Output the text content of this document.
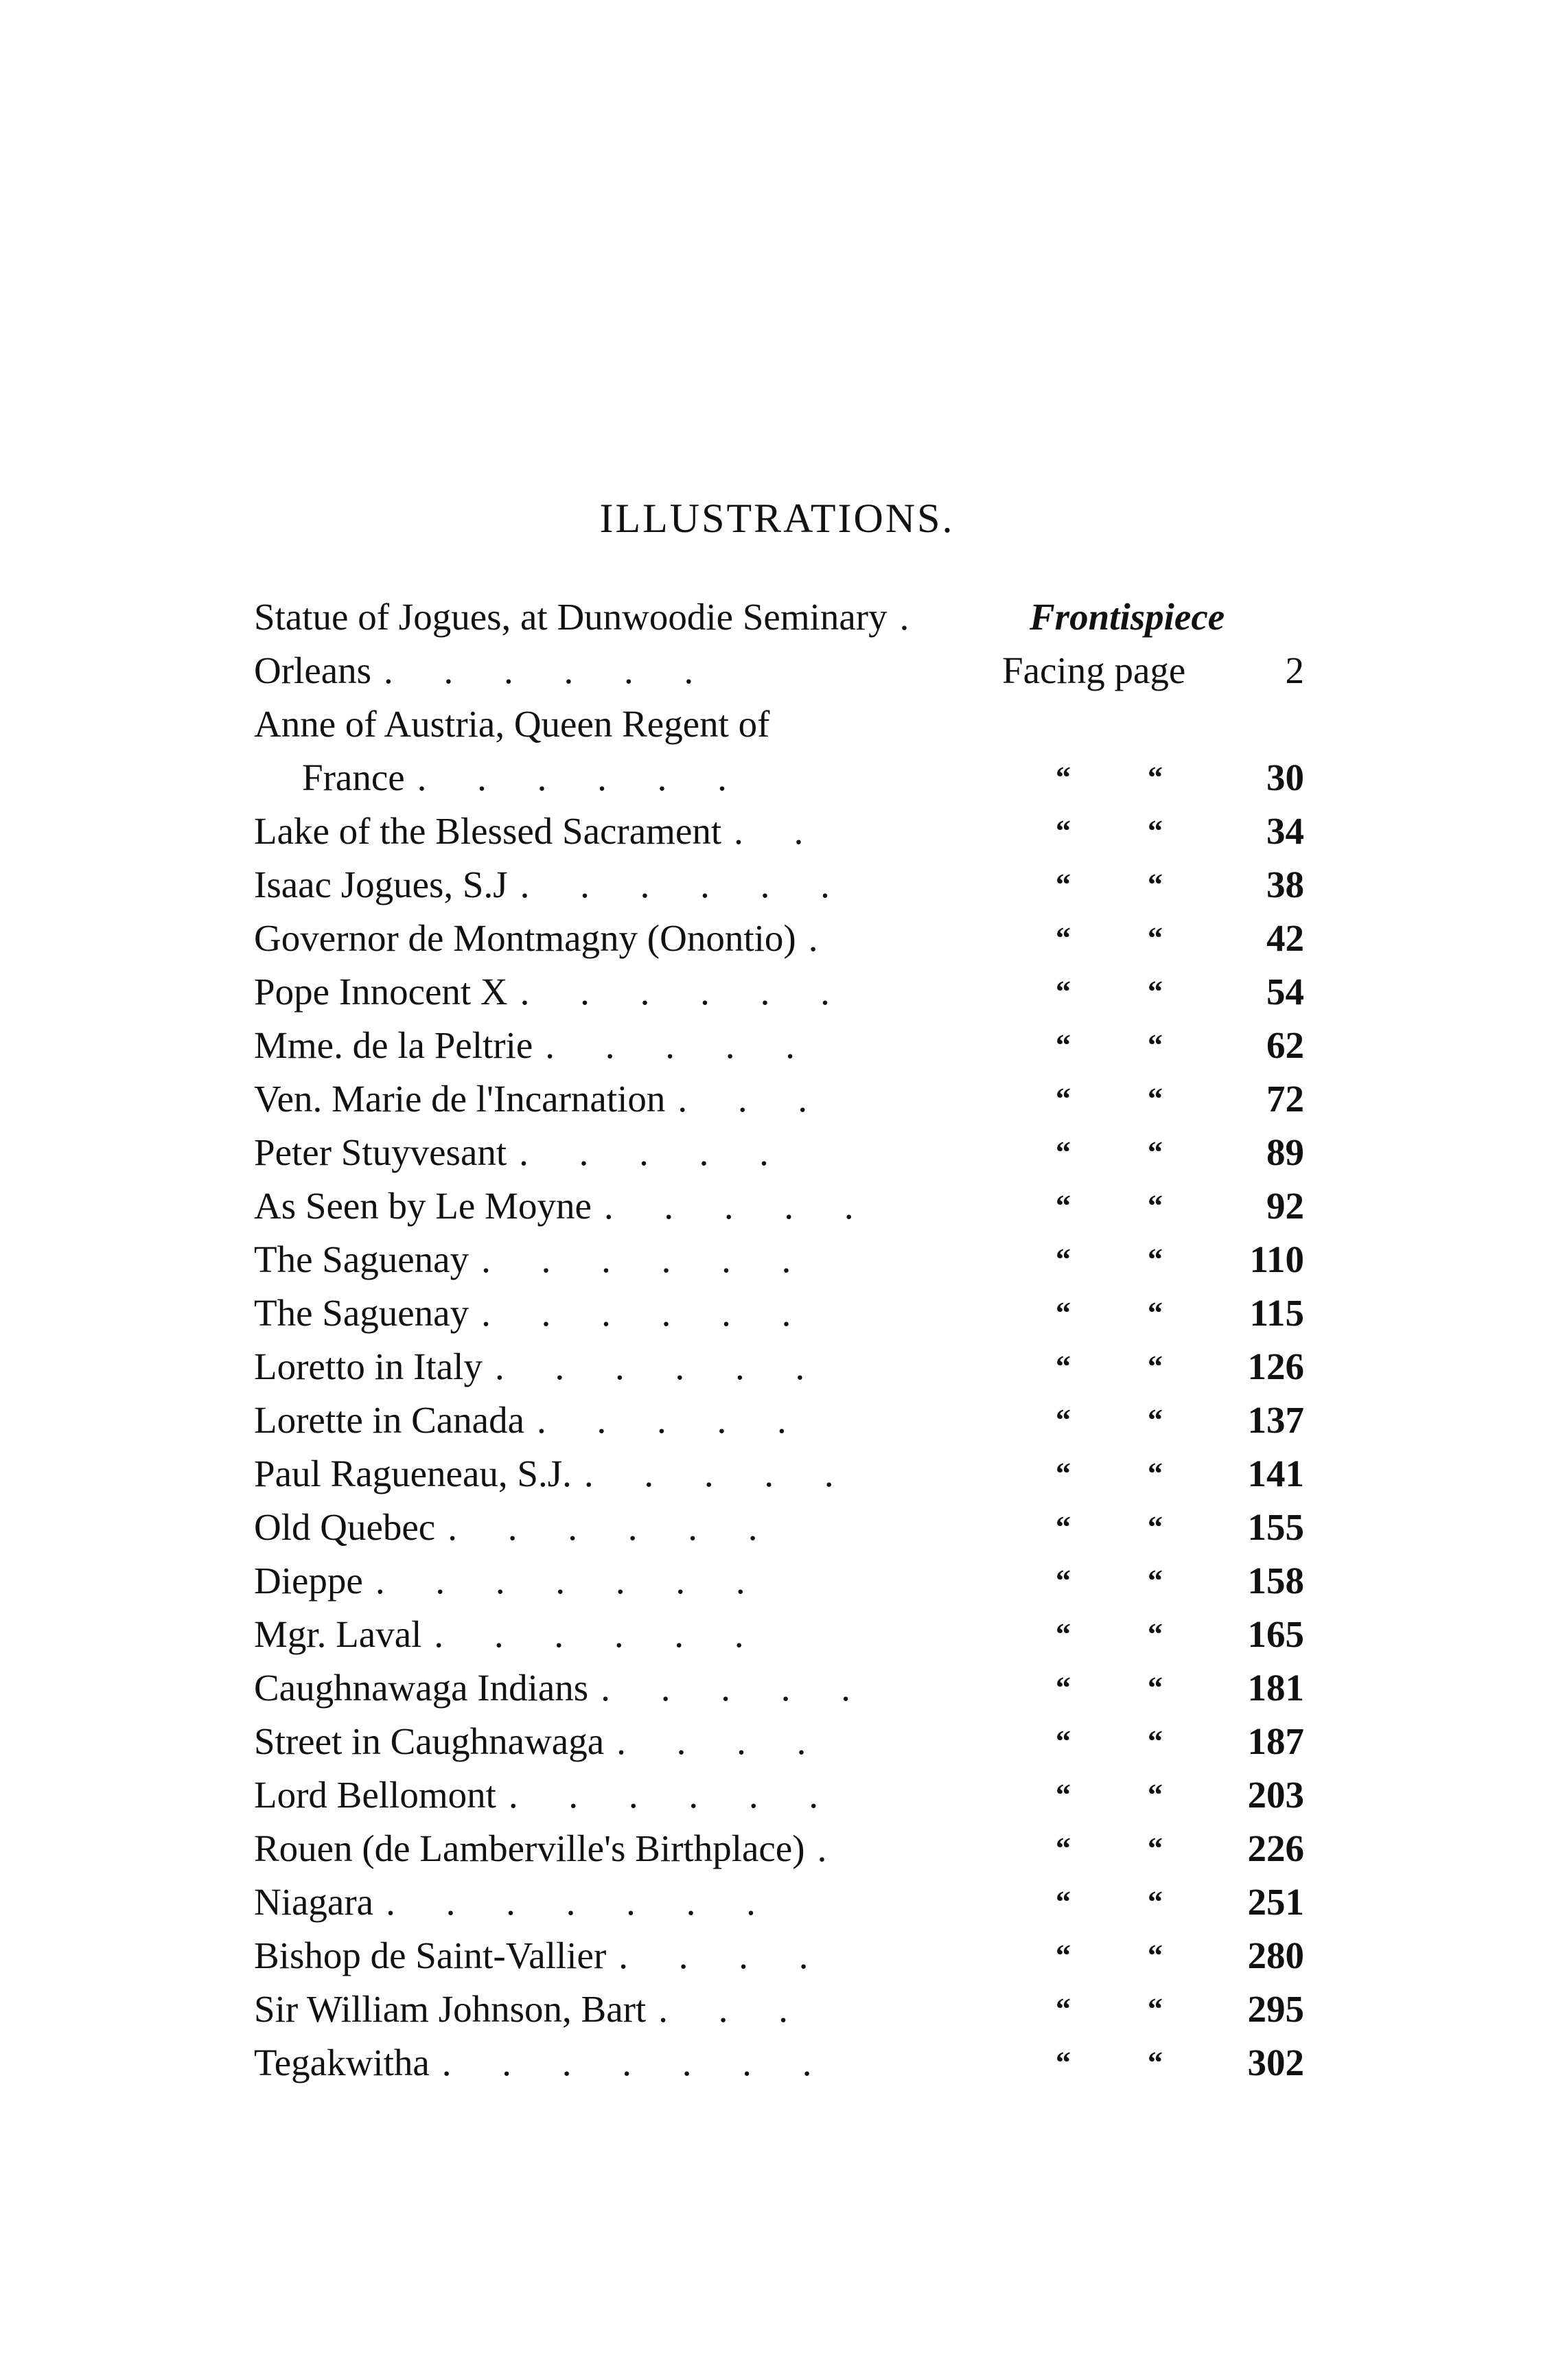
ILLUSTRATIONS.
Statue of Jogues, at Dunwoodie Seminary .	Frontispiece
Orleans . . . . . .	Facing page	2
Anne of Austria, Queen Regent of
France . . . . . .	“	“	30
Lake of the Blessed Sacrament . .	“	“	34
Isaac Jogues, S.J . . . . . .	“	“	38
Governor de Montmagny (Onontio) .	“	“	42
Pope Innocent X . . . . . .	“	“	54
Mme. de la Peltrie . . . . .	“	“	62
Ven. Marie de l'Incarnation . . .	“	“	72
Peter Stuyvesant . . . . .	“	“	89
As Seen by Le Moyne . . . . .	“	“	92
The Saguenay . . . . . .	“	“ 110
The Saguenay . . . . . .	“	“ 115
Loretto in Italy . . . . . .	“	“ 126
Lorette in Canada . . . . .	“	“ 137
Paul Ragueneau, S.J. . . . . .	“	“ 141
Old Quebec . . . . . .	“	“ 155
Dieppe . . . . . . .	“	“ 158
Mgr. Laval . . . . . .	“	“ 165
Caughnawaga Indians . . . . .	“	“ 181
Street in Caughnawaga . . . .	“	“ 187
Lord Bellomont . . . . . .	“	“ 203
Rouen (de Lamberville's Birthplace) .	“	“ 226
Niagara . . . . . . .	“	“ 251
Bishop de Saint-Vallier . . . .	“	“ 280
Sir William Johnson, Bart . . .	“	“ 295
Tegakwitha . . . . . . .	“	“ 302
